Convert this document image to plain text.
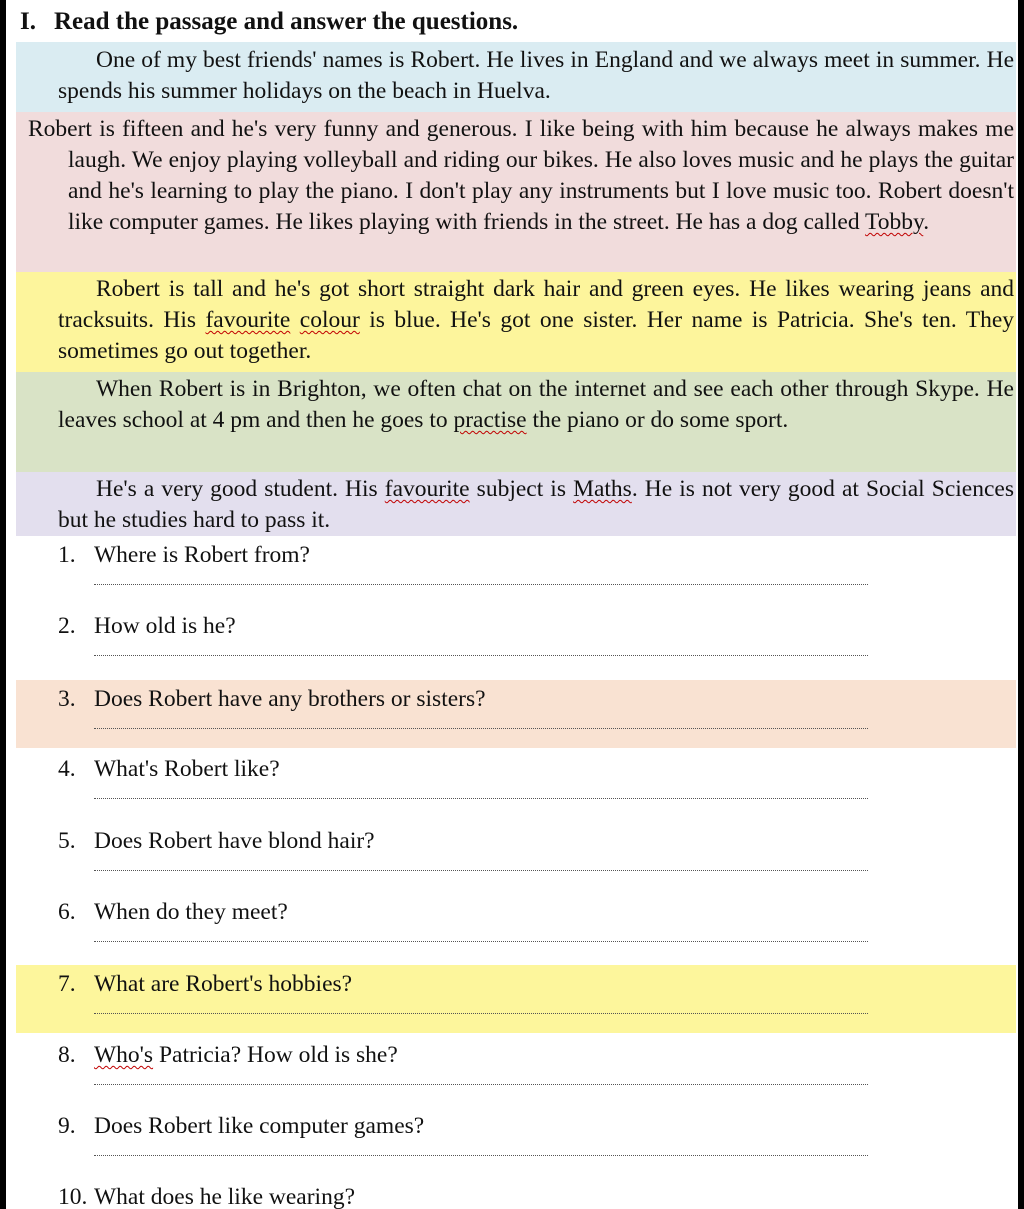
I. Read the passage and answer the questions.
One of my best friends' names is Robert. He lives in England and we always meet in summer. He spends his summer holidays on the beach in Huelva.
Robert is fifteen and he's very funny and generous. I like being with him because he always makes me laugh. We enjoy playing volleyball and riding our bikes. He also loves music and he plays the guitar and he's learning to play the piano. I don't play any instruments but I love music too. Robert doesn't like computer games. He likes playing with friends in the street. He has a dog called Tobby.
Robert is tall and he's got short straight dark hair and green eyes. He likes wearing jeans and tracksuits. His favourite colour is blue. He's got one sister. Her name is Patricia. She's ten. They sometimes go out together.
When Robert is in Brighton, we often chat on the internet and see each other through Skype. He leaves school at 4 pm and then he goes to practise the piano or do some sport.
He's a very good student. His favourite subject is Maths. He is not very good at Social Sciences but he studies hard to pass it.
1. Where is Robert from?
2. How old is he?
3. Does Robert have any brothers or sisters?
4. What's Robert like?
5. Does Robert have blond hair?
6. When do they meet?
7. What are Robert's hobbies?
8. Who's Patricia? How old is she?
9. Does Robert like computer games?
10. What does he like wearing?
